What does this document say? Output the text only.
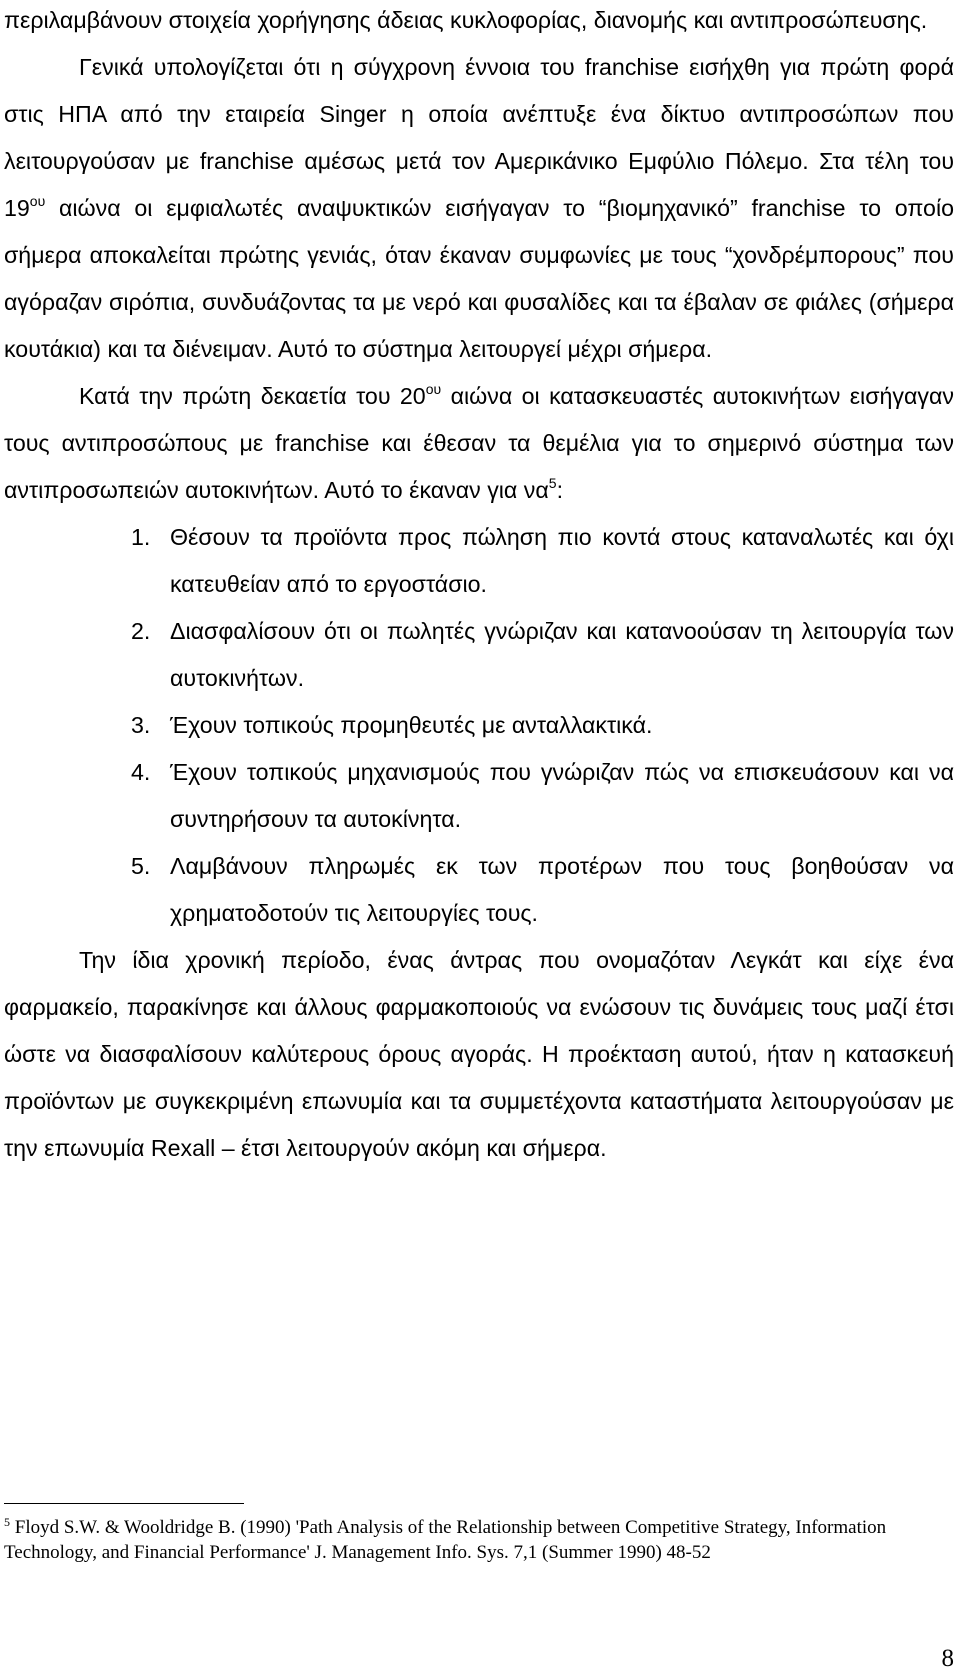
περιλαμβάνουν στοιχεία χορήγησης άδειας κυκλοφορίας, διανομής και αντιπροσώπευσης.

Γενικά υπολογίζεται ότι η σύγχρονη έννοια του franchise εισήχθη για πρώτη φορά στις ΗΠΑ από την εταιρεία Singer η οποία ανέπτυξε ένα δίκτυο αντιπροσώπων που λειτουργούσαν με franchise αμέσως μετά τον Αμερικάνικο Εμφύλιο Πόλεμο. Στα τέλη του $19^{o\upsilon}$ αιώνα οι εμφιαλωτές αναψυκτικών εισήγαγαν το “βιομηχανικό” franchise το οποίο σήμερα αποκαλείται πρώτης γενιάς, όταν έκαναν συμφωνίες με τους “χονδρέμπορους” που αγόραζαν σιρόπια, συνδυάζοντας τα με νερό και φυσαλίδες και τα έβαλαν σε φιάλες (σήμερα κουτάκια) και τα διένειμαν. Αυτό το σύστημα λειτουργεί μέχρι σήμερα.

Κατά την πρώτη δεκαετία του $20^{o\upsilon}$ αιώνα οι κατασκευαστές αυτοκινήτων εισήγαγαν τους αντιπροσώπους με franchise και έθεσαν τα θεμέλια για το σημερινό σύστημα των αντιπροσωπειών αυτοκινήτων. Αυτό το έκαναν για $\nu\alpha^5$:

1. Θέσουν τα προϊόντα προς πώληση πιο κοντά στους καταναλωτές και όχι κατευθείαν από το εργοστάσιο.
2. Διασφαλίσουν ότι οι πωλητές γνώριζαν και κατανοούσαν τη λειτουργία των αυτοκινήτων.
3. Έχουν τοπικούς προμηθευτές με ανταλλακτικά.
4. Έχουν τοπικούς μηχανισμούς που γνώριζαν πώς να επισκευάσουν και να συντηρήσουν τα αυτοκίνητα.
5. Λαμβάνουν πληρωμές εκ των προτέρων που τους βοηθούσαν να χρηματοδοτούν τις λειτουργίες τους.

Την ίδια χρονική περίοδο, ένας άντρας που ονομαζόταν Λεγκάτ και είχε ένα φαρμακείο, παρακίνησε και άλλους φαρμακοποιούς να ενώσουν τις δυνάμεις τους μαζί έτσι ώστε να διασφαλίσουν καλύτερους όρους αγοράς. Η προέκταση αυτού, ήταν η κατασκευή προϊόντων με συγκεκριμένη επωνυμία και τα συμμετέχοντα καταστήματα λειτουργούσαν με την επωνυμία Rexall – έτσι λειτουργούν ακόμη και σήμερα.

$^5$ Floyd S.W. & Wooldridge B. (1990) 'Path Analysis of the Relationship between Competitive Strategy, Information Technology, and Financial Performance' J. Management Info. Sys. 7,1 (Summer 1990) 48-52
8
